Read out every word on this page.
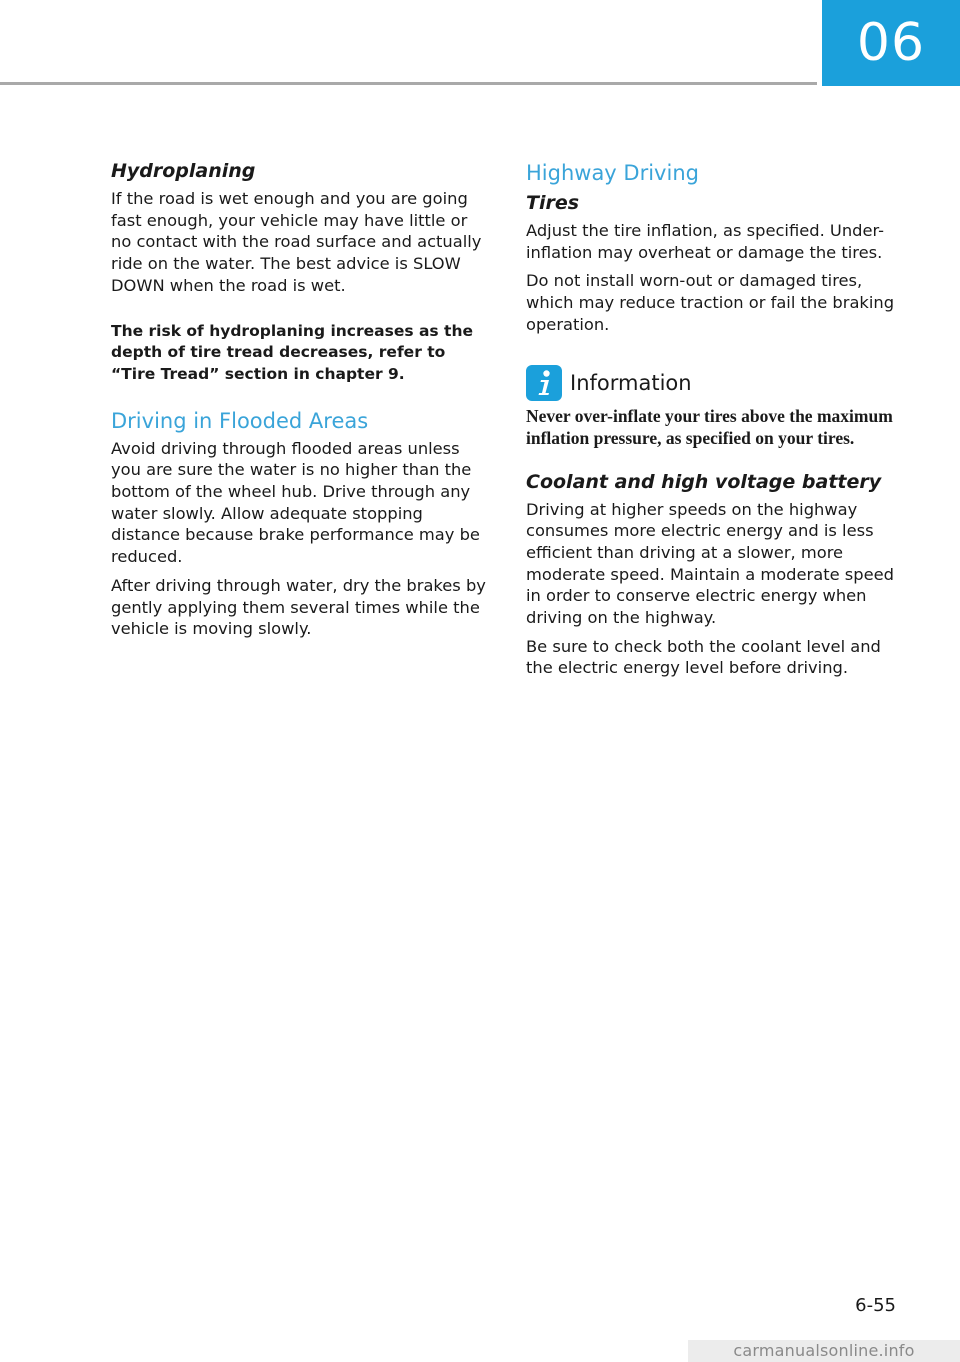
06
Hydroplaning

If the road is wet enough and you are going fast enough, your vehicle may have little or no contact with the road surface and actually ride on the water. The best advice is SLOW DOWN when the road is wet.

The risk of hydroplaning increases as the depth of tire tread decreases, refer to “Tire Tread” section in chapter 9.

Driving in Flooded Areas

Avoid driving through flooded areas unless you are sure the water is no higher than the bottom of the wheel hub. Drive through any water slowly. Allow adequate stopping distance because brake performance may be reduced.

After driving through water, dry the brakes by gently applying them several times while the vehicle is moving slowly.

Highway Driving
Tires

Adjust the tire inflation, as specified. Under-inflation may overheat or damage the tires.

Do not install worn-out or damaged tires, which may reduce traction or fail the braking operation.

Information

Never over-inflate your tires above the maximum inflation pressure, as specified on your tires.

Coolant and high voltage battery

Driving at higher speeds on the highway consumes more electric energy and is less efficient than driving at a slower, more moderate speed. Maintain a moderate speed in order to conserve electric energy when driving on the highway.

Be sure to check both the coolant level and the electric energy level before driving.

6-55
carmanualsonline.info
